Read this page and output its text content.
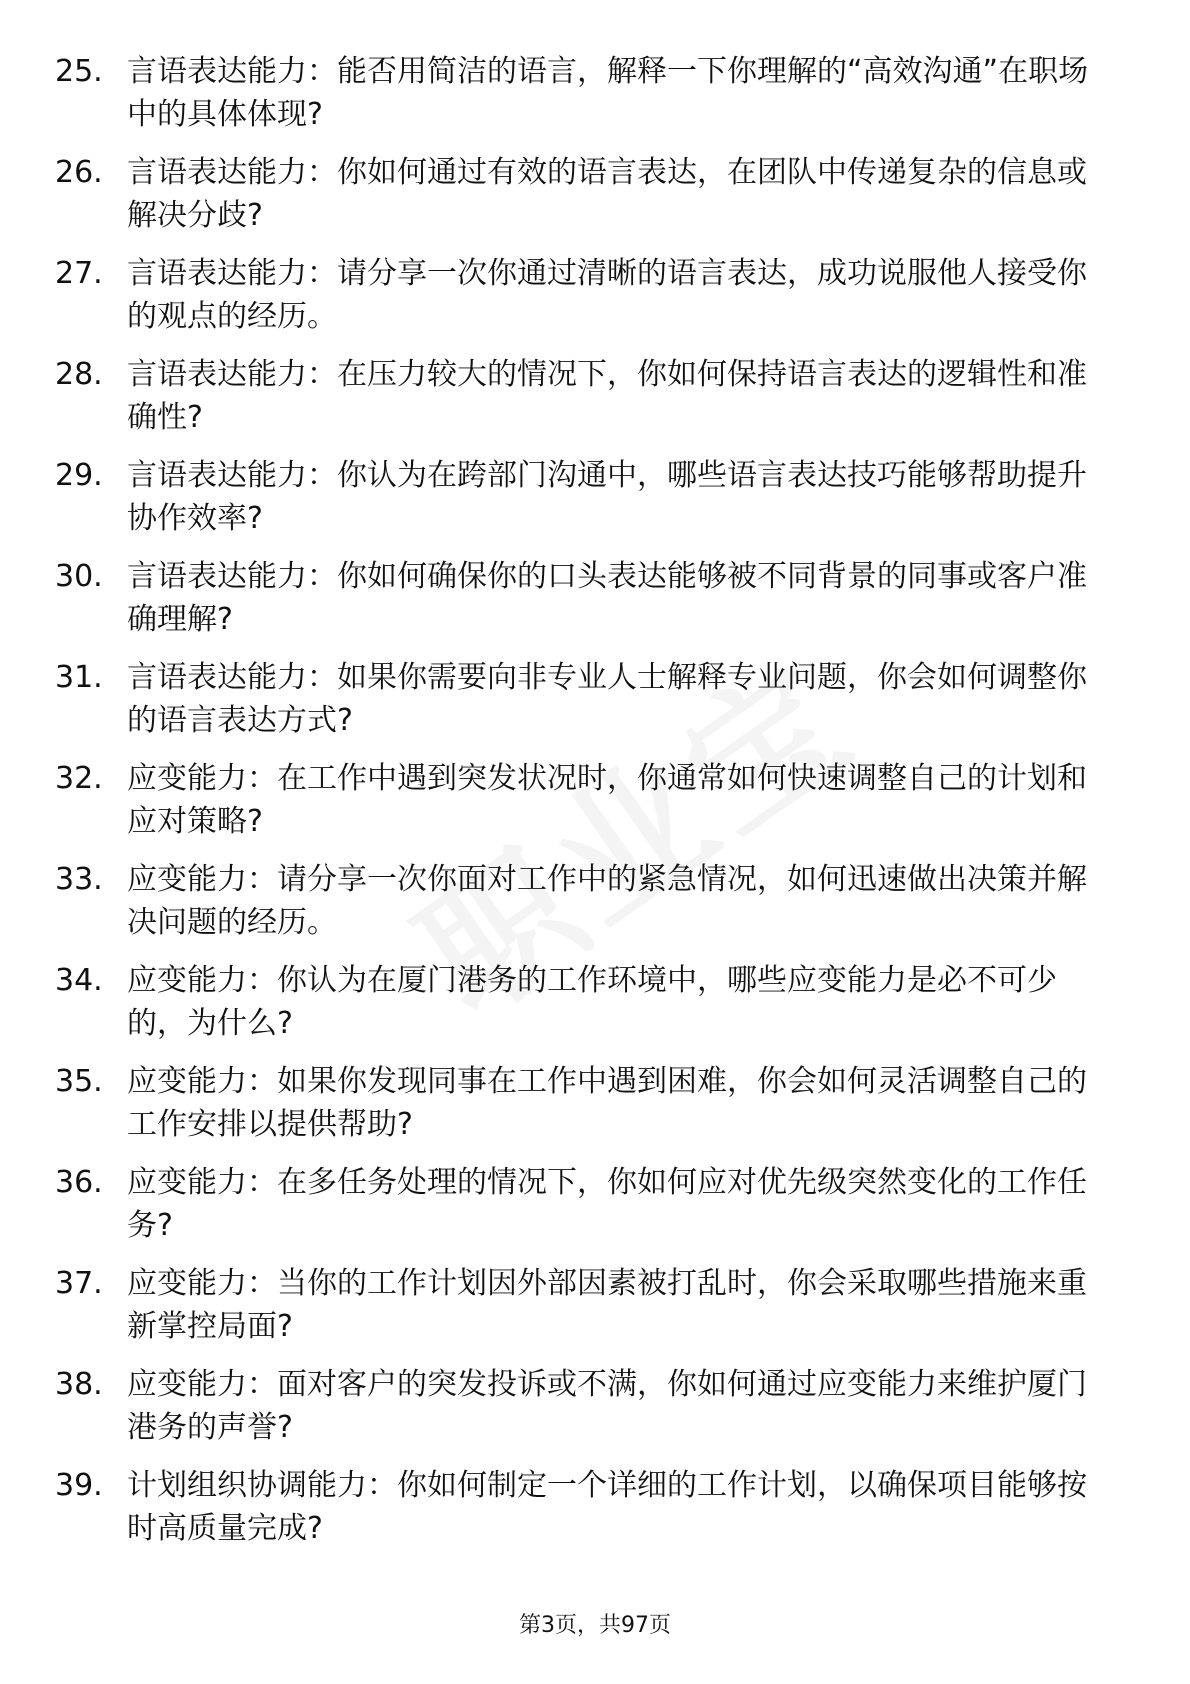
25. 言语表达能力：能否用简洁的语言，解释一下你理解的“高效沟通”在职场中的具体体现?
26. 言语表达能力：你如何通过有效的语言表达，在团队中传递复杂的信息或解决分歧?
27. 言语表达能力：请分享一次你通过清晰的语言表达，成功说服他人接受你的观点的经历。
28. 言语表达能力：在压力较大的情况下，你如何保持语言表达的逻辑性和准确性?
29. 言语表达能力：你认为在跨部门沟通中，哪些语言表达技巧能够帮助提升协作效率?
30. 言语表达能力：你如何确保你的口头表达能够被不同背景的同事或客户准确理解?
31. 言语表达能力：如果你需要向非专业人士解释专业问题，你会如何调整你的语言表达方式?
32. 应变能力：在工作中遇到突发状况时，你通常如何快速调整自己的计划和应对策略?
33. 应变能力：请分享一次你面对工作中的紧急情况，如何迅速做出决策并解决问题的经历。
34. 应变能力：你认为在厦门港务的工作环境中，哪些应变能力是必不可少的，为什么?
35. 应变能力：如果你发现同事在工作中遇到困难，你会如何灵活调整自己的工作安排以提供帮助?
36. 应变能力：在多任务处理的情况下，你如何应对优先级突然变化的工作任务?
37. 应变能力：当你的工作计划因外部因素被打乱时，你会采取哪些措施来重新掌控局面?
38. 应变能力：面对客户的突发投诉或不满，你如何通过应变能力来维护厦门港务的声誉?
39. 计划组织协调能力：你如何制定一个详细的工作计划，以确保项目能够按时高质量完成?
第3页，共97页
